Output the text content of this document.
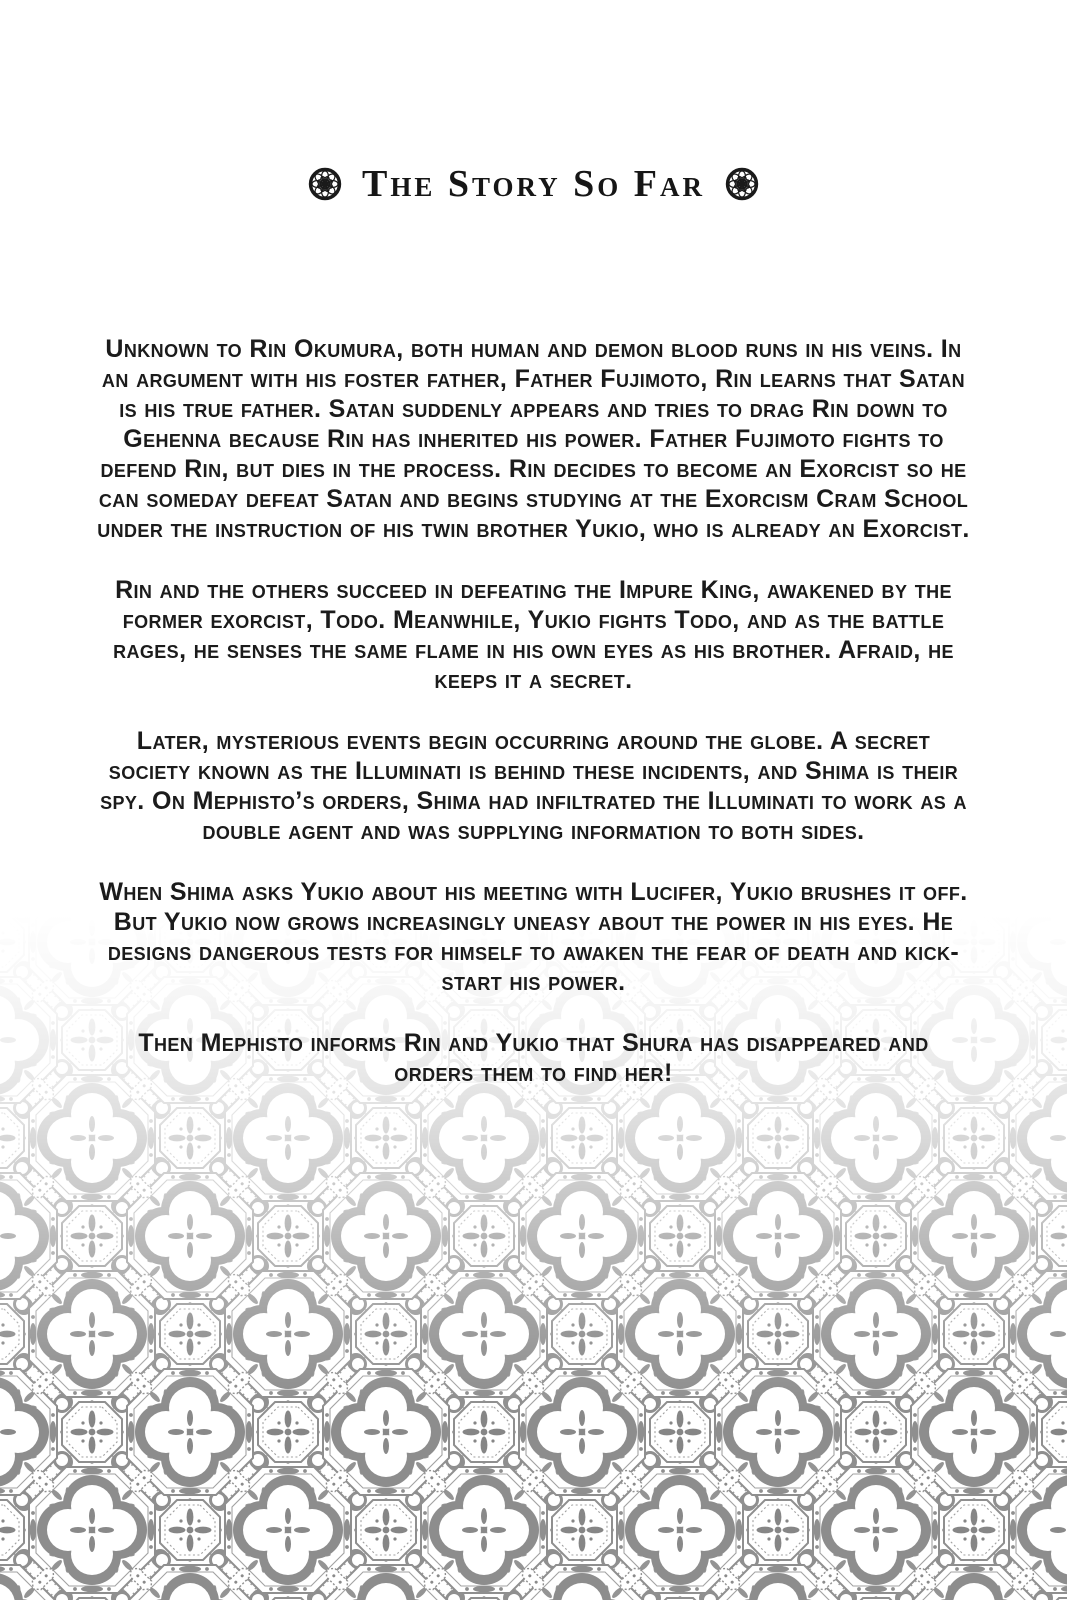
The Story So Far

Unknown to Rin Okumura, both human and demon blood runs in his veins. In an argument with his foster father, Father Fujimoto, Rin learns that Satan is his true father. Satan suddenly appears and tries to drag Rin down to Gehenna because Rin has inherited his power. Father Fujimoto fights to defend Rin, but dies in the process. Rin decides to become an Exorcist so he can someday defeat Satan and begins studying at the Exorcism Cram School under the instruction of his twin brother Yukio, who is already an Exorcist.

Rin and the others succeed in defeating the Impure King, awakened by the former exorcist, Todo. Meanwhile, Yukio fights Todo, and as the battle rages, he senses the same flame in his own eyes as his brother. Afraid, he keeps it a secret.

Later, mysterious events begin occurring around the globe. A secret society known as the Illuminati is behind these incidents, and Shima is their spy. On Mephisto’s orders, Shima had infiltrated the Illuminati to work as a double agent and was supplying information to both sides.

When Shima asks Yukio about his meeting with Lucifer, Yukio brushes it off. But Yukio now grows increasingly uneasy about the power in his eyes. He designs dangerous tests for himself to awaken the fear of death and kick-start his power.

Then Mephisto informs Rin and Yukio that Shura has disappeared and orders them to find her!
